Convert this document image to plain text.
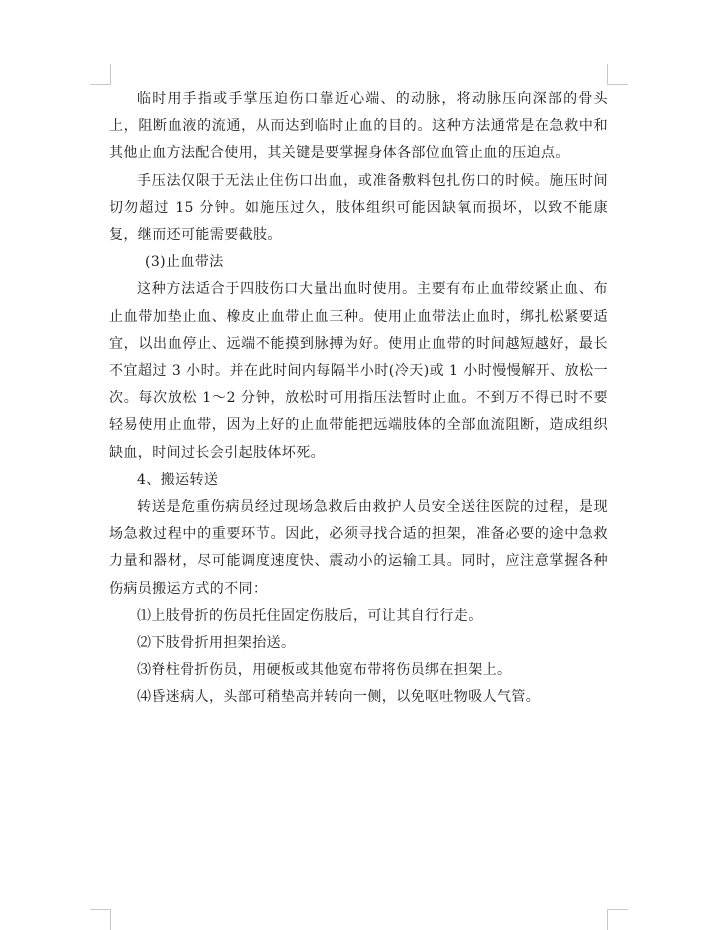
临时用手指或手掌压迫伤口靠近心端、的动脉，将动脉压向深部的骨头上，阻断血液的流通，从而达到临时止血的目的。这种方法通常是在急救中和其他止血方法配合使用，其关键是要掌握身体各部位血管止血的压迫点。

手压法仅限于无法止住伤口出血，或准备敷料包扎伤口的时候。施压时间切勿超过 15 分钟。如施压过久，肢体组织可能因缺氧而损坏，以致不能康复，继而还可能需要截肢。

(3)止血带法

这种方法适合于四肢伤口大量出血时使用。主要有布止血带绞紧止血、布止血带加垫止血、橡皮止血带止血三种。使用止血带法止血时，绑扎松紧要适宜，以出血停止、远端不能摸到脉搏为好。使用止血带的时间越短越好，最长不宜超过 3 小时。并在此时间内每隔半小时(冷天)或 1 小时慢慢解开、放松一次。每次放松 1～2 分钟，放松时可用指压法暂时止血。不到万不得已时不要轻易使用止血带，因为上好的止血带能把远端肢体的全部血流阻断，造成组织缺血，时间过长会引起肢体坏死。

4、搬运转送

转送是危重伤病员经过现场急救后由救护人员安全送往医院的过程，是现场急救过程中的重要环节。因此，必须寻找合适的担架，准备必要的途中急救力量和器材，尽可能调度速度快、震动小的运输工具。同时，应注意掌握各种伤病员搬运方式的不同：

⑴上肢骨折的伤员托住固定伤肢后，可让其自行行走。

⑵下肢骨折用担架抬送。

⑶脊柱骨折伤员，用硬板或其他宽布带将伤员绑在担架上。

⑷昏迷病人，头部可稍垫高并转向一侧，以免呕吐物吸人气管。
